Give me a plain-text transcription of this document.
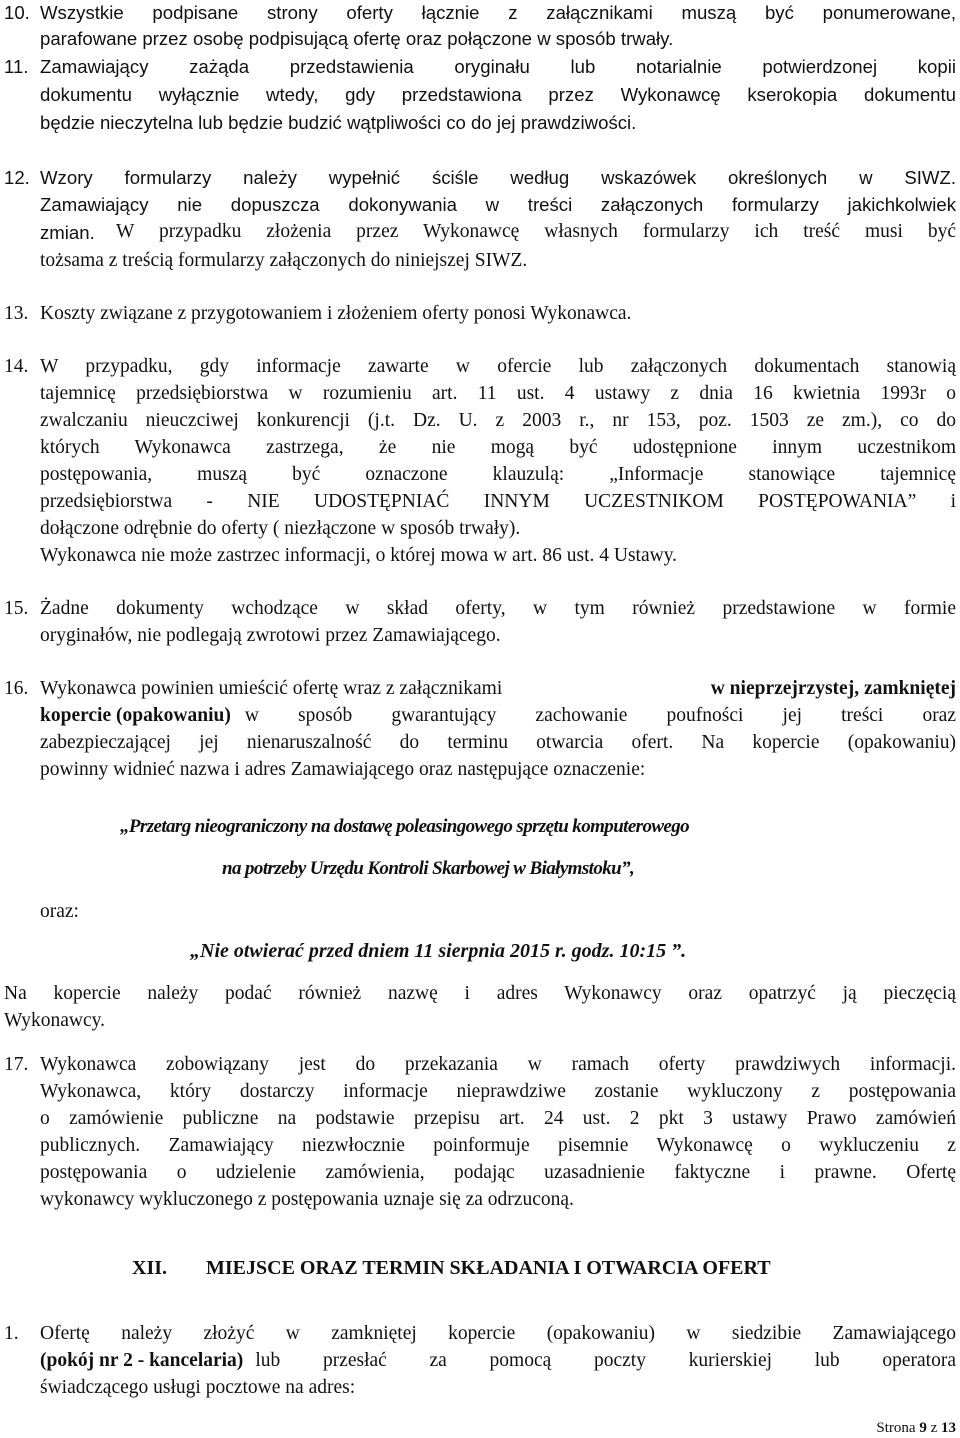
10. Wszystkie podpisane strony oferty łącznie z załącznikami muszą być ponumerowane,
parafowane przez osobę podpisującą ofertę oraz połączone w sposób trwały.
11. Zamawiający zażąda przedstawienia oryginału lub notarialnie potwierdzonej kopii
dokumentu wyłącznie wtedy, gdy przedstawiona przez Wykonawcę kserokopia dokumentu
będzie nieczytelna lub będzie budzić wątpliwości co do jej prawdziwości.
12. Wzory formularzy należy wypełnić ściśle według wskazówek określonych w SIWZ.
Zamawiający nie dopuszcza dokonywania w treści załączonych formularzy jakichkolwiek
zmian. W przypadku złożenia przez Wykonawcę własnych formularzy ich treść musi być
tożsama z treścią formularzy załączonych do niniejszej SIWZ.
13. Koszty związane z przygotowaniem i złożeniem oferty ponosi Wykonawca.
14. W przypadku, gdy informacje zawarte w ofercie lub załączonych dokumentach stanowią
tajemnicę przedsiębiorstwa w rozumieniu art. 11 ust. 4 ustawy z dnia 16 kwietnia 1993r o
zwalczaniu nieuczciwej konkurencji (j.t. Dz. U. z 2003 r., nr 153, poz. 1503 ze zm.), co do
których Wykonawca zastrzega, że nie mogą być udostępnione innym uczestnikom
postępowania, muszą być oznaczone klauzulą: „Informacje stanowiące tajemnicę
przedsiębiorstwa - NIE UDOSTĘPNIAĆ INNYM UCZESTNIKOM POSTĘPOWANIA” i
dołączone odrębnie do oferty ( niezłączone w sposób trwały).
Wykonawca nie może zastrzec informacji, o której mowa w art. 86 ust. 4 Ustawy.
15. Żadne dokumenty wchodzące w skład oferty, w tym również przedstawione w formie
oryginałów, nie podlegają zwrotowi przez Zamawiającego.
16. Wykonawca powinien umieścić ofertę wraz z załącznikami	w nieprzejrzystej, zamkniętej
kopercie (opakowaniu) w sposób gwarantujący zachowanie poufności jej treści oraz
zabezpieczającej jej nienaruszalność do terminu otwarcia ofert. Na kopercie (opakowaniu)
powinny widnieć nazwa i adres Zamawiającego oraz następujące oznaczenie:
„Przetarg nieograniczony na dostawę poleasingowego sprzętu komputerowego
na potrzeby Urzędu Kontroli Skarbowej w Białymstoku”,
oraz:
„Nie otwierać przed dniem 11 sierpnia 2015 r. godz. 10:15 ”.
Na kopercie należy podać również nazwę i adres Wykonawcy oraz opatrzyć ją pieczęcią
Wykonawcy.
17. Wykonawca zobowiązany jest do przekazania w ramach oferty prawdziwych informacji.
Wykonawca, który dostarczy informacje nieprawdziwe zostanie wykluczony z postępowania
o zamówienie publiczne na podstawie przepisu art. 24 ust. 2 pkt 3 ustawy Prawo zamówień
publicznych. Zamawiający niezwłocznie poinformuje pisemnie Wykonawcę o wykluczeniu z
postępowania o udzielenie zamówienia, podając uzasadnienie faktyczne i prawne. Ofertę
wykonawcy wykluczonego z postępowania uznaje się za odrzuconą.
XII. MIEJSCE ORAZ TERMIN SKŁADANIA I OTWARCIA OFERT
1. Ofertę należy złożyć w zamkniętej kopercie (opakowaniu) w siedzibie Zamawiającego
(pokój nr 2 - kancelaria) lub przesłać za pomocą poczty kurierskiej lub operatora
świadczącego usługi pocztowe na adres:
Strona 9 z 13
